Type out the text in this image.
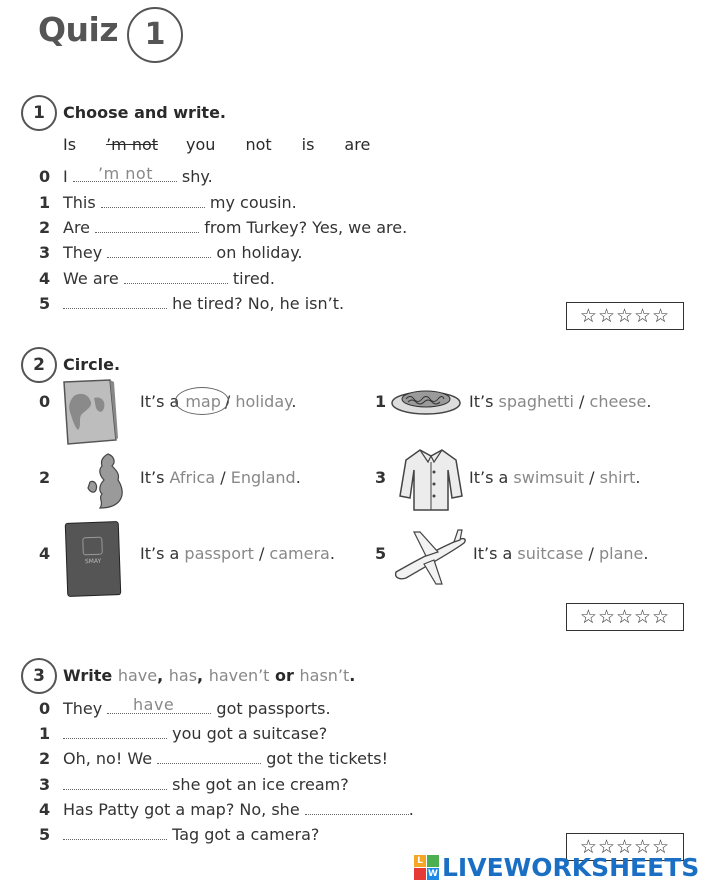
Quiz 1
1	Choose and write.
Is ’m not you not is are
0 I	shy.
’m not
1 This	my cousin.
2 Are	from Turkey? Yes, we are.
3 They	on holiday.
4 We are	tired.
5	he tired? No, he isn’t.
☆☆☆☆☆
2	Circle.
0	It’s a map / holiday.	1	It’s spaghetti / cheese.
2	It’s Africa / England.	3	It’s a swimsuit / shirt.
4	SMAY	It’s a passport / camera.	5	It’s a suitcase / plane.
☆☆☆☆☆
3	Write have, has, haven’t or hasn’t.
0 They	got passports.
have
1	you got a suitcase?
2 Oh, no! We	got the tickets!
3	she got an ice cream?
4 Has Patty got a map? No, she	.
5	Tag got a camera?
☆☆☆☆☆
L
W LIVEWORKSHEETS
